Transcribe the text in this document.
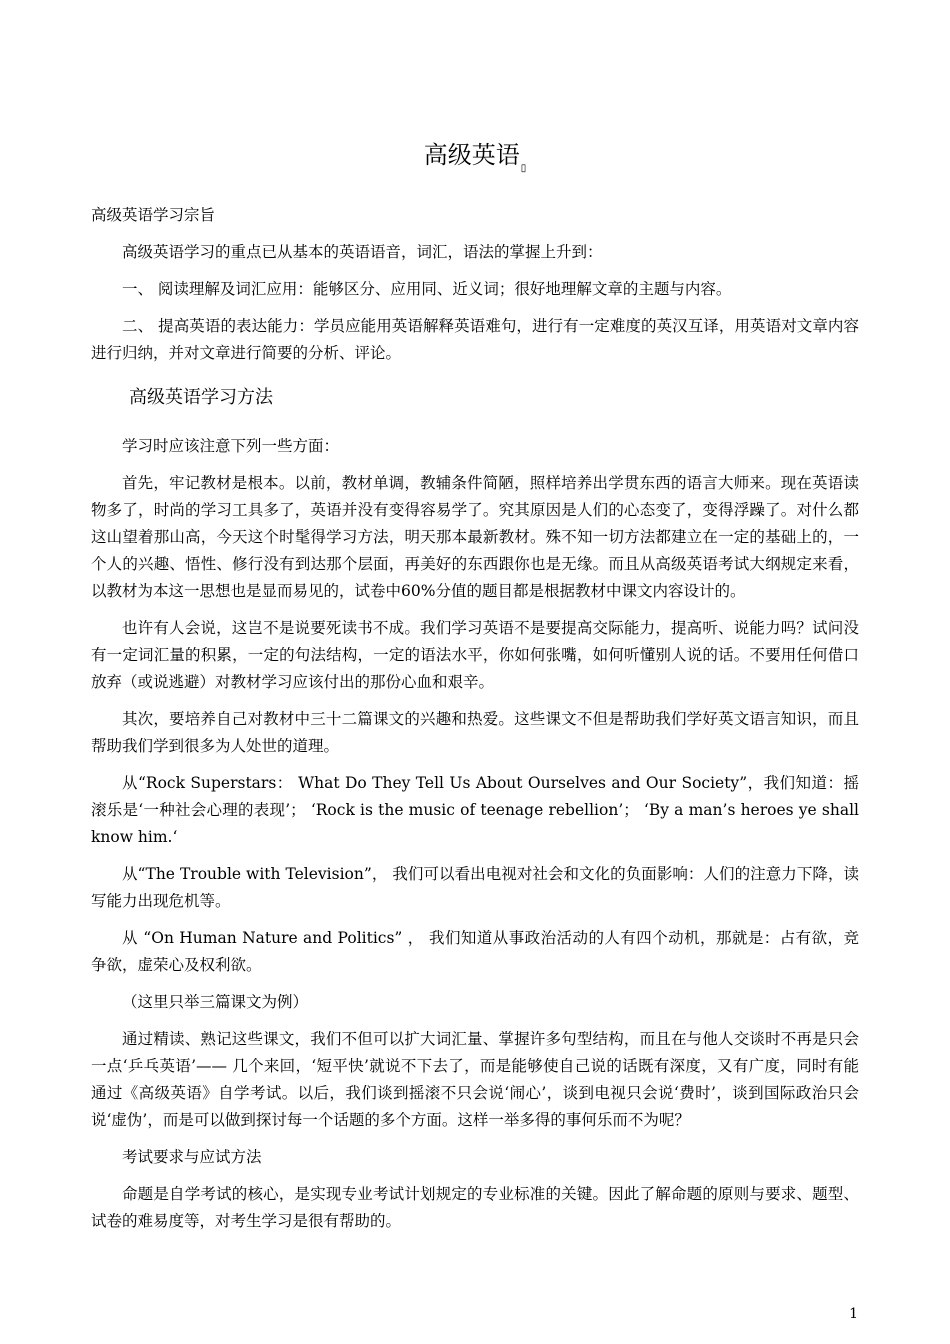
高级英语$_▯$

高级英语学习宗旨

高级英语学习的重点已从基本的英语语音，词汇，语法的掌握上升到：

一、 阅读理解及词汇应用：能够区分、应用同、近义词；很好地理解文章的主题与内容。

二、 提高英语的表达能力：学员应能用英语解释英语难句，进行有一定难度的英汉互译，用英语对文章内容进行归纳，并对文章进行简要的分析、评论。

高级英语学习方法

学习时应该注意下列一些方面：

首先，牢记教材是根本。以前，教材单调，教辅条件简陋，照样培养出学贯东西的语言大师来。现在英语读物多了，时尚的学习工具多了，英语并没有变得容易学了。究其原因是人们的心态变了，变得浮躁了。对什么都这山望着那山高，今天这个时髦得学习方法，明天那本最新教材。殊不知一切方法都建立在一定的基础上的，一个人的兴趣、悟性、修行没有到达那个层面，再美好的东西跟你也是无缘。而且从高级英语考试大纲规定来看，以教材为本这一思想也是显而易见的，试卷中60%分值的题目都是根据教材中课文内容设计的。

也许有人会说，这岂不是说要死读书不成。我们学习英语不是要提高交际能力，提高听、说能力吗？试问没有一定词汇量的积累，一定的句法结构，一定的语法水平，你如何张嘴，如何听懂别人说的话。不要用任何借口放弃（或说逃避）对教材学习应该付出的那份心血和艰辛。

其次，要培养自己对教材中三十二篇课文的兴趣和热爱。这些课文不但是帮助我们学好英文语言知识，而且帮助我们学到很多为人处世的道理。

从“Rock Superstars： What Do They Tell Us About Ourselves and Our Society”，我们知道：摇滚乐是‘一种社会心理的表现’； ‘Rock is the music of teenage rebellion’； ‘By a man’s heroes ye shall know him.‘

从“The Trouble with Television”， 我们可以看出电视对社会和文化的负面影响：人们的注意力下降，读写能力出现危机等。

从 “On Human Nature and Politics” ， 我们知道从事政治活动的人有四个动机，那就是：占有欲，竞争欲，虚荣心及权利欲。

（这里只举三篇课文为例）

通过精读、熟记这些课文，我们不但可以扩大词汇量、掌握许多句型结构，而且在与他人交谈时不再是只会一点‘乒乓英语’—— 几个来回，‘短平快’就说不下去了，而是能够使自己说的话既有深度，又有广度，同时有能通过《高级英语》自学考试。以后，我们谈到摇滚不只会说‘闹心’，谈到电视只会说‘费时’，谈到国际政治只会说‘虚伪’，而是可以做到探讨每一个话题的多个方面。这样一举多得的事何乐而不为呢？

考试要求与应试方法

命题是自学考试的核心，是实现专业考试计划规定的专业标准的关键。因此了解命题的原则与要求、题型、试卷的难易度等，对考生学习是很有帮助的。

1
